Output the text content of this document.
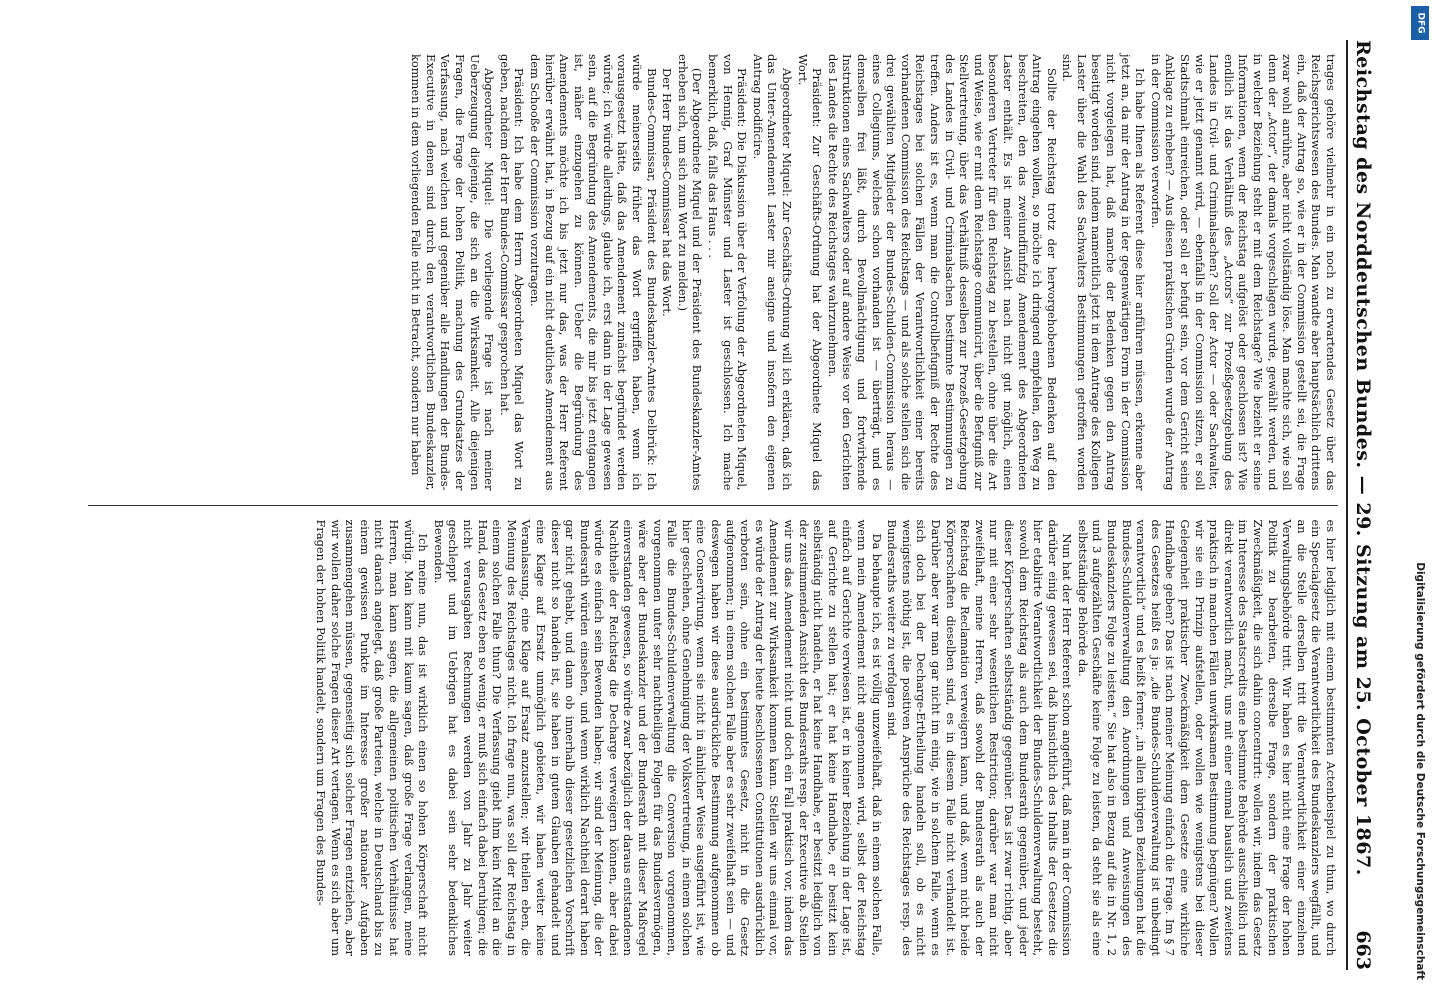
Reichstag des Norddeutschen Bundes. — 29. Sitzung am 25. October 1867.
663

trages gehöre vielmehr in ein noch zu erwartendes Gesetz über das Reichsgerichtswesen des Bundes. Man wandte aber hauptsächlich drittens ein, daß der Antrag so, wie er in der Commission gestellt sei, die Frage zwar wohl anrühre, aber nicht vollständig löse. Man machte sich, wie soll denn der „Actor“, der damals vorgeschlagen wurde, gewählt werden, und in welcher Beziehung steht er mit dem Reichstage? Wie bezieht er seine Informationen, wenn der Reichstag aufgelöst oder geschlossen ist? Wie endlich ist das Verhältniß des „Actors“ zur Prozeßgesetzgebung des Landes in Civil- und Criminalsachen? Soll der Actor — oder Sachwalter, wie er jetzt genannt wird, — ebenfalls in der Commission sitzen, er soll Stadtschmalt einreichen, oder soll er befugt sein, vor dem Gericht seine Anklage zu erheben? — Aus diesen praktischen Gründen wurde der Antrag in der Commission verworfen.

Ich habe Ihnen als Referent diese hier anführen müssen, erkenne aber jetzt an, da mir der Antrag in der gegenwärtigen Form in der Commission nicht vorgelegen hat, daß manche der Bedenken gegen den Antrag beseitigt worden sind, indem namentlich jetzt in dem Antrage des Kollegen Laster über die Wahl des Sachwalters Bestimmungen getroffen worden sind.

Sollte der Reichstag trotz der hervorgehobenen Bedenken auf den Antrag eingehen wollen, so möchte ich dringend empfehlen, den Weg zu beschreiten, den das zweiundfünfzig Amendement des Abgeordneten Laster enthält. Es ist meiner Ansicht nach nicht gut möglich, einen besonderen Vertreter für den Reichstag zu bestellen, ohne über die Art und Weise, wie er mit dem Reichstage communicirt, über die Befugniß zur Stellvertretung, über das Verhältniß desselben zur Prozeß-Gesetzgebung des Landes in Civil- und Criminalsachen bestimmte Bestimmungen zu treffen. Anders ist es, wenn man die Controllbefugniß der Rechte des Reichstages bei solchen Fällen der Verantwortlichkeit einer bereits vorhandenen Commission des Reichstags — und als solche stellen sich die drei gewählten Mitglieder der Bundes-Schulden-Commission heraus — eines Collegiums, welches schon vorhanden ist — überträgt, und es demselben frei läßt, durch Bevollmächtigung und fortwirkende Instruktionen eines Sachwalters oder auf andere Weise vor den Gerichten des Landes die Rechte des Reichstages wahrzunehmen.

Präsident: Zur Geschäfts-Ordnung hat der Abgeordnete Miquel das Wort.

Abgeordneter Miquel: Zur Geschäfts-Ordnung will ich erklären, daß ich das Unter-Amendement Laster mir aneigne und insofern den eigenen Antrag modificire.

Präsident: Die Diskussion über der Verfolung der Abgeordneten Miquel, von Hennig, Graf Münster und Laster ist geschlossen. Ich mache bemerklich, daß, falls das Haus . . .

(Der Abgeordnete Miquel und der Präsident des Bundeskanzler-Amtes erheben sich, um sich zum Wort zu melden.)

Der Herr Bundes-Commissar hat das Wort.

Bundes-Commissar, Präsident des Bundeskanzler-Amtes Delbrück: Ich würde meinerseits früher das Wort ergriffen haben, wenn ich vorausgesetzt hätte, daß das Amendement zunächst begründet werden würde; ich würde allerdings, glaube ich, erst dann in der Lage gewesen sein, auf die Begründung des Amendements, die mir bis jetzt entgangen ist, näher einzugehen zu können. Ueber die Begründung des Amendements möchte ich bis jetzt nur das, was der Herr Referent hierüber erwähnt hat, in Bezug auf ein nicht deutliches Amendement aus dem Schooße der Commission vorzutragen.

Präsident: Ich habe dem Herrn Abgeordneten Miquel das Wort zu geben, nachdem der Herr Bundes-Commissar gesprochen hat.

Abgeordneter Miquel: Die vorliegende Frage ist nach meiner Ueberzeugung diejenige, die sich an die Wirksamkeit. Alle diejenigen Fragen, die Frage der hohen Politik, machung des Grundsatzes der Verfassung, nach welchen und gegenüber alle Handlungen der Bundes-Executive in denen sind durch den verantwortlichen Bundeskanzler, kommen in dem vorliegenden Falle nicht in Betracht, sondern nur haben

es hier lediglich mit einem bestimmten Actenbeispiel zu thun, wo durch ein Specialgesetz die Verantwortlichkeit des Bundeskanzlers wegfällt, und an die Stelle derselben tritt die Verantwortlichkeit einer einzelnen Verwaltungsbehörde tritt. Wir haben es hier nicht eine Frage der hohen Politik zu bearbeiten, derselbe Frage, sondern der praktischen Zweckmäßigkeit, die sich dahin concentrirt: wollen wir, indem das Gesetz im Interesse des Staatscredits eine bestimmte Behörde ausschließlich und direkt verantwortlich macht, uns mit einer einmal bauslich und zweitens praktisch in manchen Fällen unwirksamen Bestimmung begnügen? Wollen wir sie ein Prinzip aufstellen, oder wollen wie wenigstens bei dieser Gelegenheit praktischer Zweckmäßigkeit dem Gesetze eine wirkliche Handhabe geben? Das ist nach meiner Meinung einfach die Frage. Im § 7 des Gesetzes heißt es ja: „die Bundes-Schuldenverwaltung ist unbedingt verantwortlich“ und es heißt ferner: „in allen übrigen Beziehungen hat die Bundes-Schuldenverwaltung den Anordnungen und Anweisungen des Bundeskanzlers Folge zu leisten.“ Sie hat also in Bezug auf die in Nr. 1, 2 und 3 aufgezählten Geschäfte keine Folge zu leisten, da steht sie als eine selbstständige Behörde da.

Nun hat der Herr Referent schon angeführt, daß man in der Commission darüber einig gewesen sei, daß hinsichtlich des Inhalts der Gesetzes die hier etablirte Verantwortlichkeit der Bundes-Schuldenverwaltung besteht, sowohl dem Reichstag als auch dem Bundesrath gegenüber, und jeder dieser Körperschaften selbstständig gegenüber. Das ist zwar richtig, aber nur mit einer sehr wesentlichen Restriction; darüber war man nicht zweifelhaft, meine Herren, daß sowohl der Bundesrath als auch der Reichstag die Reclamation verweigern kann, und daß, wenn nicht beide Körperschaften dieselben sind, es in diesem Falle nicht verhandelt ist. Darüber aber war man gar nicht im einig, wie in solchem Falle, wenn es sich doch bei der Decharge-Ertheilung handeln soll, ob es nicht wenigstens nöthig ist, die positiven Ansprüche des Reichstages resp. des Bundesraths weiter zu verfolgen sind.

Da behaupte ich, es ist völlig unzweifelhaft, daß in einem solchen Falle, wenn mein Amendement nicht angenommen wird, selbst der Reichstag einfach auf Gerichte verwiesen ist, er in keiner Beziehung in der Lage ist, auf Gerichte zu stellen hat; er hat keine Handhabe, er besitzt kein selbständig nicht handeln, er hat keine Handhabe, er besitzt lediglich von der zustimmenden Ansicht des Bundesraths resp. der Executive ab. Stellen wir uns das Amendement nicht und doch ein Fall praktisch vor, indem das Amendement zur Wirksamkeit kommen kann. Stellen wir uns einmal vor, es würde der Antrag der heute beschlossenen Constitutionen ausdrücklich verboten sein, ohne ein bestimmtes Gesetz, nicht in die Gesetz aufgenommen; in einem solchen Falle aber es sehr zweifelhaft sein — und deswegen haben wir diese ausdrückliche Bestimmung aufgenommen ob eine Conservirung, wenn sie nicht in ähnlicher Weise ausgeführt ist, wie hier geschehen, ohne Genehmigung der Volksvertretung, in einem solchen Falle die Bundes-Schuldenverwaltung die Conversion vorgenommen, vorgenommen unter sehr nachtheiligen Folgen für das Bundesvermögen, wäre aber der Bundeskanzler und der Bundesrath mit dieser Maßregel einverstanden gewesen, so würde zwar bezüglich der daraus entstandenen Nachtheile der Reichstag die Decharge verweigern können, aber dabei würde es einfach sein Bewenden haben; wir sind der Meinung, die der Bundesrath würden einsehen, und wenn wirklich Nachtheil derart haben gar nicht gehabt, und dann ob innerhalb dieser gesetzlichen Vorschrift dieser nicht so handeln ist, sie haben in gutem Glauben gehandelt und eine Klage auf Ersatz unmöglich gebieten, wir haben weiter keine Veranlassung, eine Klage auf Ersatz anzustellen; wir theilen eben, die Meinung des Reichstages nicht. Ich frage nun, was soll der Reichstag in einem solchen Falle thun? Die Verfassung giebt ihm kein Mittel an die Hand, das Gesetz eben so wenig, er muß sich einfach dabei beruhigen; die nicht verausgabten Rechnungen werden von Jahr zu Jahr weiter geschleppt und im Uebrigen hat es dabei sein sehr bedenkliches Bewenden.

Ich meine nun, das ist wirklich einen so hohen Körperschaft nicht würdig. Man kann mit kaum sagen, daß große Frage verlangen, meine Herren, man kann sagen, die allgemeinen politischen Verhältnisse hat nicht danach angelegt, daß große Parteien, welche in Deutschland bis zu einem gewissen Punkte im Interesse großer nationaler Aufgaben zusammengehen müssen, gegenseitig sich solcher Fragen entziehen, aber wir wollen daher solche Fragen dieser Art vertagen. Wenn es sich aber um Fragen der hohen Politik handelt, sondern um Fragen des Bundes-

DFG
Digitalisierung gefördert durch die Deutsche Forschungsgemeinschaft
